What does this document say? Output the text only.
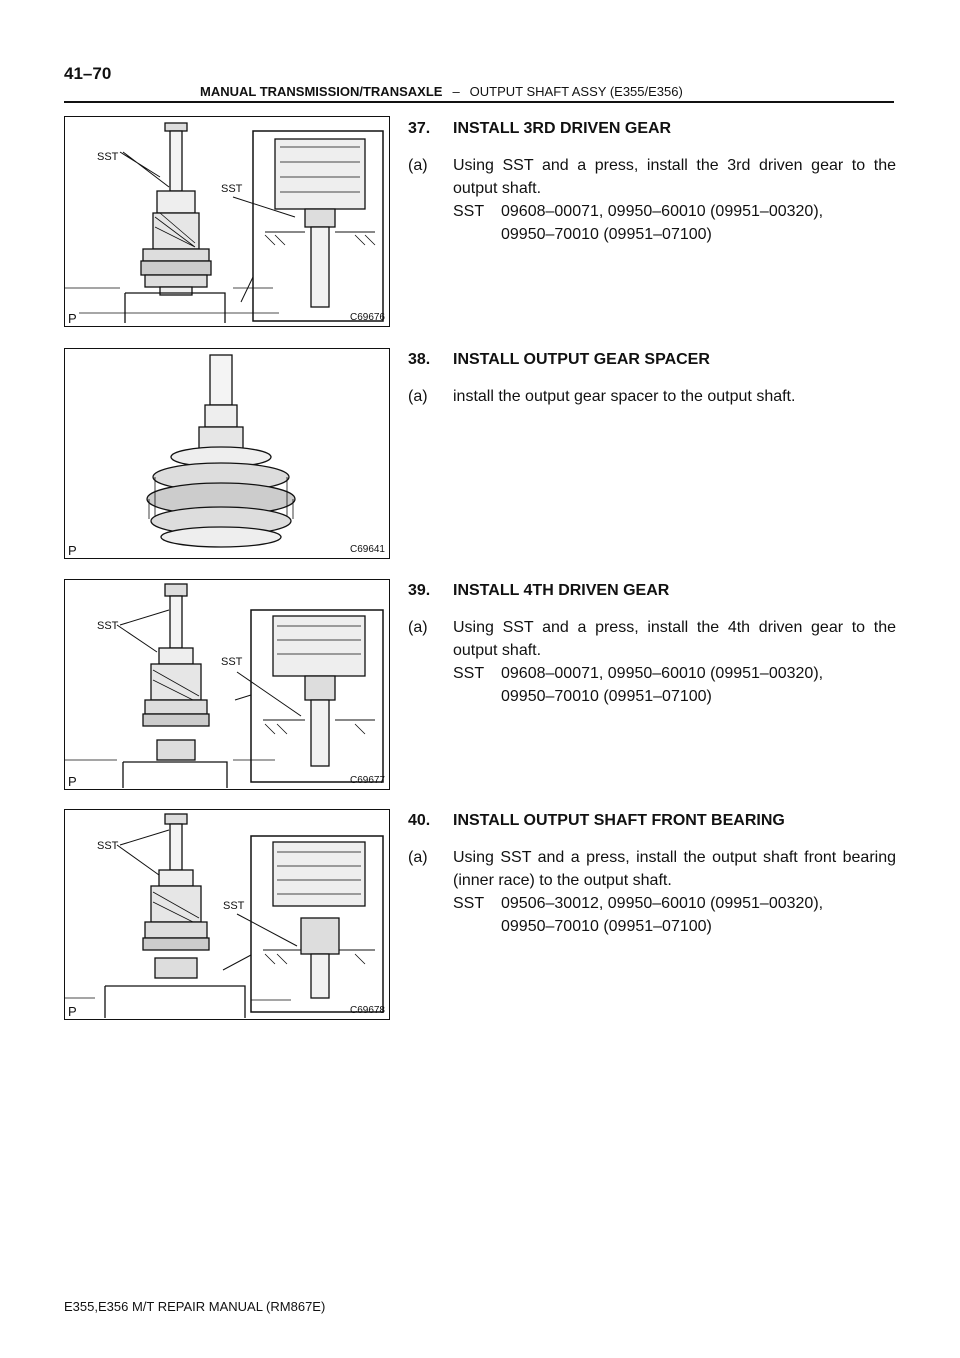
41–70
MANUAL TRANSMISSION/TRANSAXLE – OUTPUT SHAFT ASSY (E355/E356)
SST
SST
P	C69676
P	C69641
SST
SST
P	C69677
SST
SST
P	C69678
37. INSTALL 3RD DRIVEN GEAR
(a)	Using SST and a press, install the 3rd driven gear to the output shaft.
SST	09608–00071, 09950–60010 (09951–00320),
09950–70010 (09951–07100)
38. INSTALL OUTPUT GEAR SPACER
(a)	install the output gear spacer to the output shaft.
39. INSTALL 4TH DRIVEN GEAR
(a)	Using SST and a press, install the 4th driven gear to the output shaft.
SST	09608–00071, 09950–60010 (09951–00320),
09950–70010 (09951–07100)
40. INSTALL OUTPUT SHAFT FRONT BEARING
(a)	Using SST and a press, install the output shaft front bearing (inner race) to the output shaft.
SST	09506–30012, 09950–60010 (09951–00320),
09950–70010 (09951–07100)
E355,E356 M/T REPAIR MANUAL (RM867E)
